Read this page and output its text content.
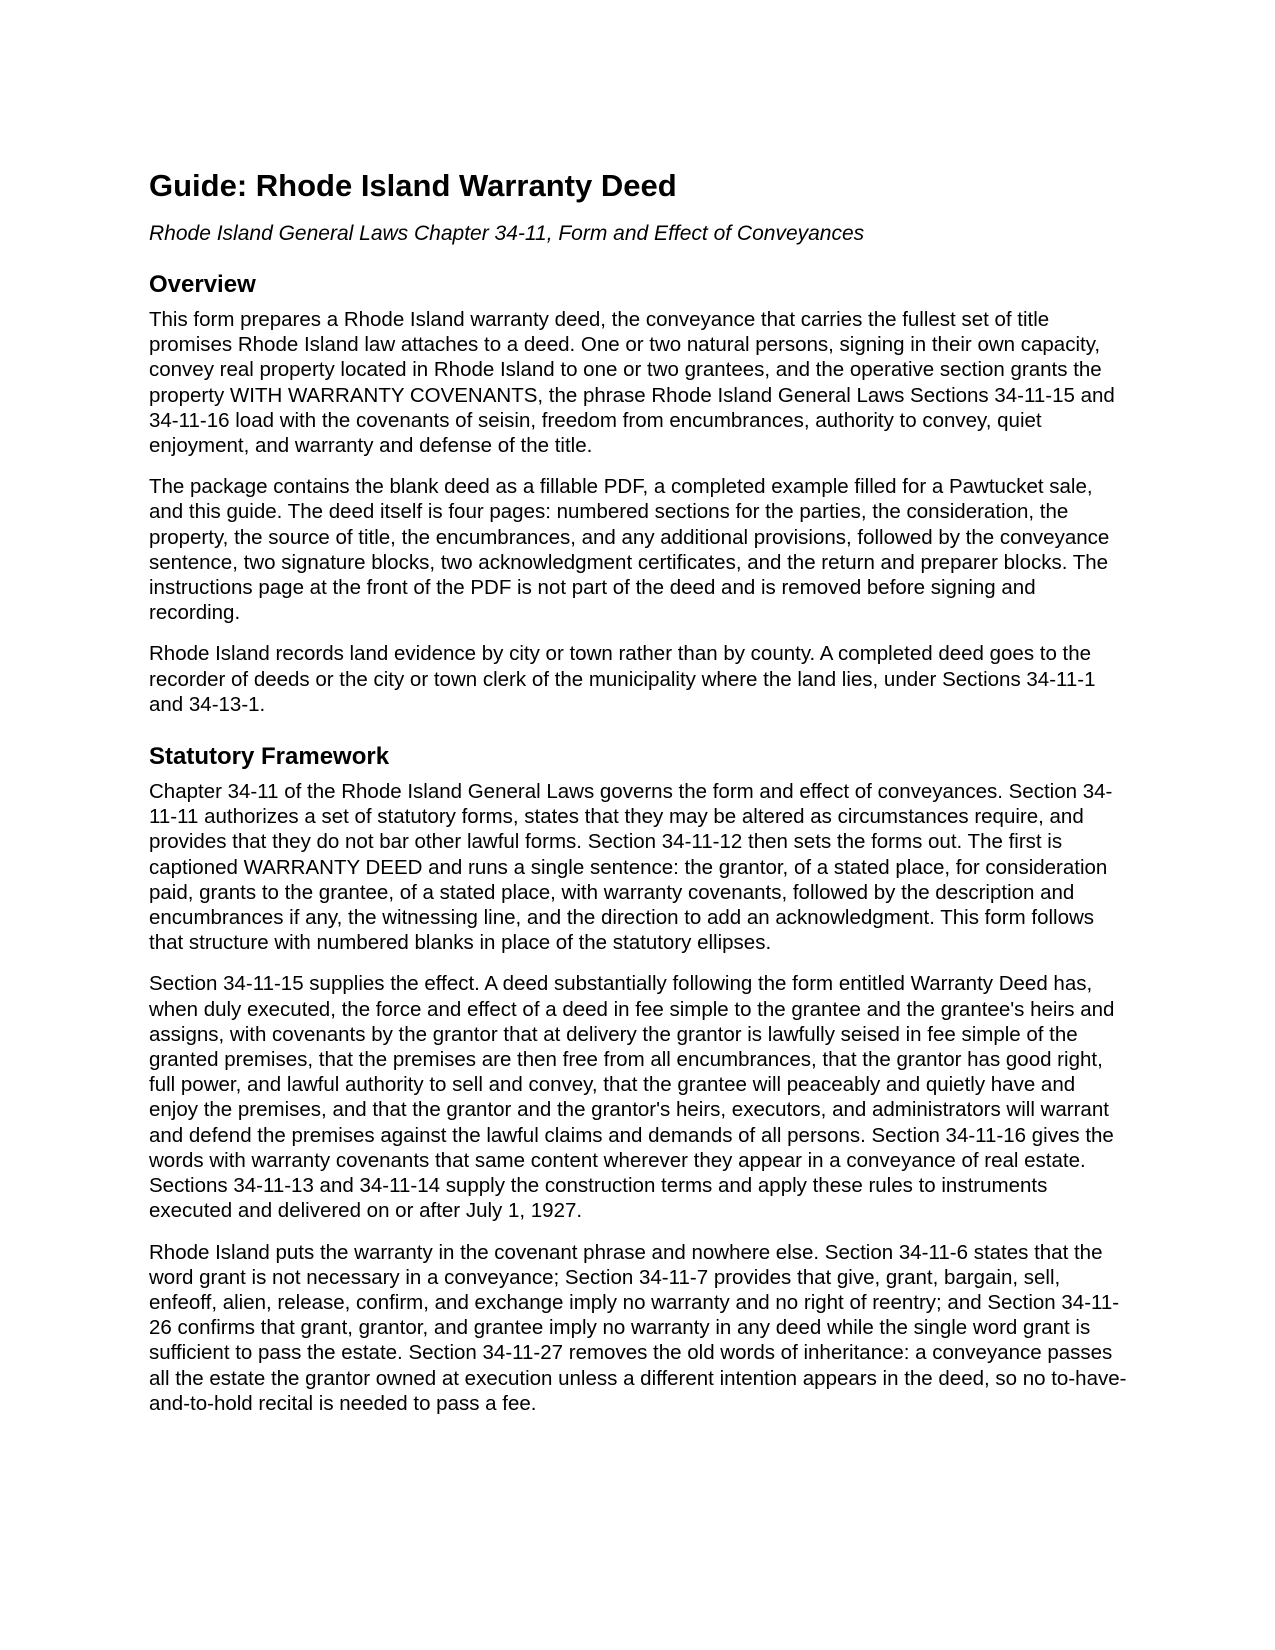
Guide: Rhode Island Warranty Deed
Rhode Island General Laws Chapter 34-11, Form and Effect of Conveyances
Overview

This form prepares a Rhode Island warranty deed, the conveyance that carries the fullest set of title promises Rhode Island law attaches to a deed. One or two natural persons, signing in their own capacity, convey real property located in Rhode Island to one or two grantees, and the operative section grants the property WITH WARRANTY COVENANTS, the phrase Rhode Island General Laws Sections 34-11-15 and 34-11-16 load with the covenants of seisin, freedom from encumbrances, authority to convey, quiet enjoyment, and warranty and defense of the title.

The package contains the blank deed as a fillable PDF, a completed example filled for a Pawtucket sale, and this guide. The deed itself is four pages: numbered sections for the parties, the consideration, the property, the source of title, the encumbrances, and any additional provisions, followed by the conveyance sentence, two signature blocks, two acknowledgment certificates, and the return and preparer blocks. The instructions page at the front of the PDF is not part of the deed and is removed before signing and recording.

Rhode Island records land evidence by city or town rather than by county. A completed deed goes to the recorder of deeds or the city or town clerk of the municipality where the land lies, under Sections 34-11-1 and 34-13-1.

Statutory Framework

Chapter 34-11 of the Rhode Island General Laws governs the form and effect of conveyances. Section 34-11-11 authorizes a set of statutory forms, states that they may be altered as circumstances require, and provides that they do not bar other lawful forms. Section 34-11-12 then sets the forms out. The first is captioned WARRANTY DEED and runs a single sentence: the grantor, of a stated place, for consideration paid, grants to the grantee, of a stated place, with warranty covenants, followed by the description and encumbrances if any, the witnessing line, and the direction to add an acknowledgment. This form follows that structure with numbered blanks in place of the statutory ellipses.

Section 34-11-15 supplies the effect. A deed substantially following the form entitled Warranty Deed has, when duly executed, the force and effect of a deed in fee simple to the grantee and the grantee's heirs and assigns, with covenants by the grantor that at delivery the grantor is lawfully seised in fee simple of the granted premises, that the premises are then free from all encumbrances, that the grantor has good right, full power, and lawful authority to sell and convey, that the grantee will peaceably and quietly have and enjoy the premises, and that the grantor and the grantor's heirs, executors, and administrators will warrant and defend the premises against the lawful claims and demands of all persons. Section 34-11-16 gives the words with warranty covenants that same content wherever they appear in a conveyance of real estate. Sections 34-11-13 and 34-11-14 supply the construction terms and apply these rules to instruments executed and delivered on or after July 1, 1927.

Rhode Island puts the warranty in the covenant phrase and nowhere else. Section 34-11-6 states that the word grant is not necessary in a conveyance; Section 34-11-7 provides that give, grant, bargain, sell, enfeoff, alien, release, confirm, and exchange imply no warranty and no right of reentry; and Section 34-11-26 confirms that grant, grantor, and grantee imply no warranty in any deed while the single word grant is sufficient to pass the estate. Section 34-11-27 removes the old words of inheritance: a conveyance passes all the estate the grantor owned at execution unless a different intention appears in the deed, so no to-have-and-to-hold recital is needed to pass a fee.
